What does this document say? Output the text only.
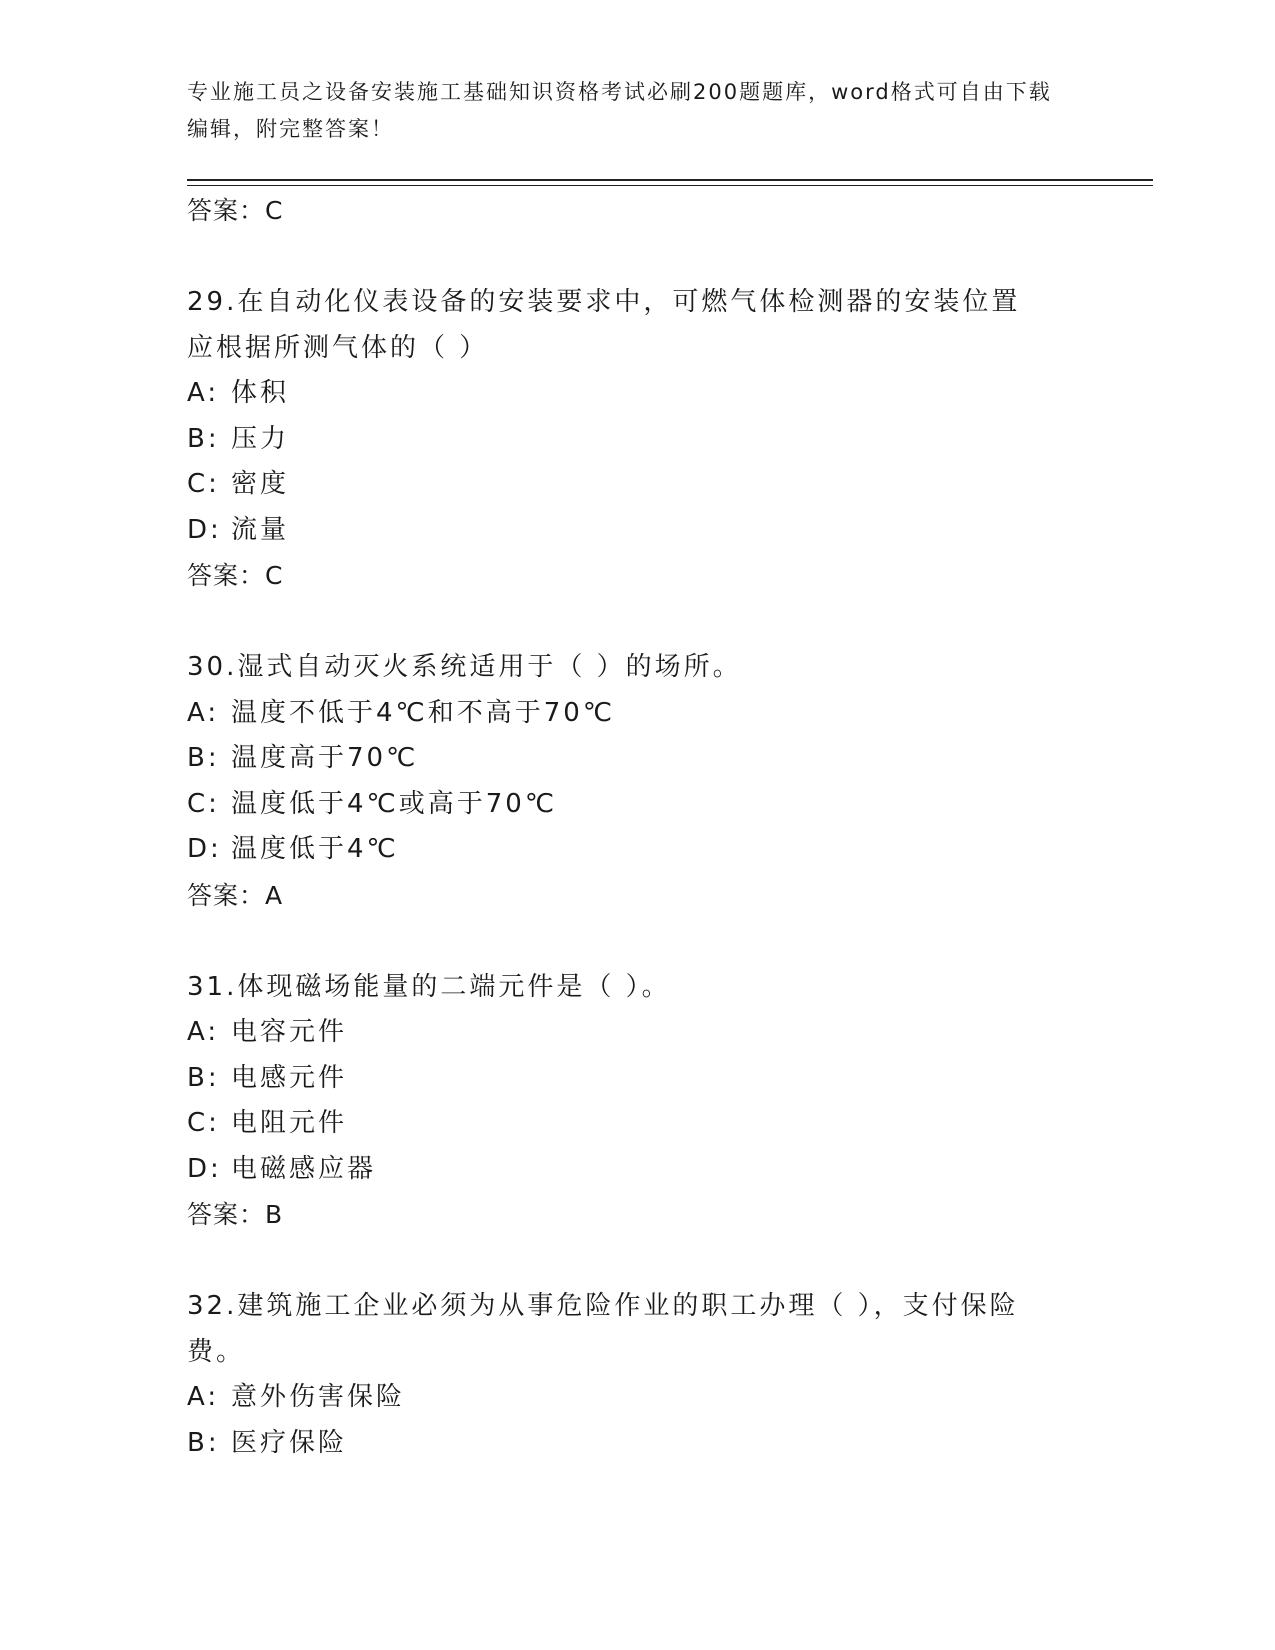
专业施工员之设备安装施工基础知识资格考试必刷200题题库，word格式可自由下载编辑，附完整答案！
答案：C
29.在自动化仪表设备的安装要求中，可燃气体检测器的安装位置应根据所测气体的（ ）
A: 体积
B: 压力
C: 密度
D: 流量
答案：C
30.湿式自动灭火系统适用于（ ）的场所。
A: 温度不低于4℃和不高于70℃
B: 温度高于70℃
C: 温度低于4℃或高于70℃
D: 温度低于4℃
答案：A
31.体现磁场能量的二端元件是（ ）。
A: 电容元件
B: 电感元件
C: 电阻元件
D: 电磁感应器
答案：B
32.建筑施工企业必须为从事危险作业的职工办理（ ），支付保险费。
A: 意外伤害保险
B: 医疗保险
